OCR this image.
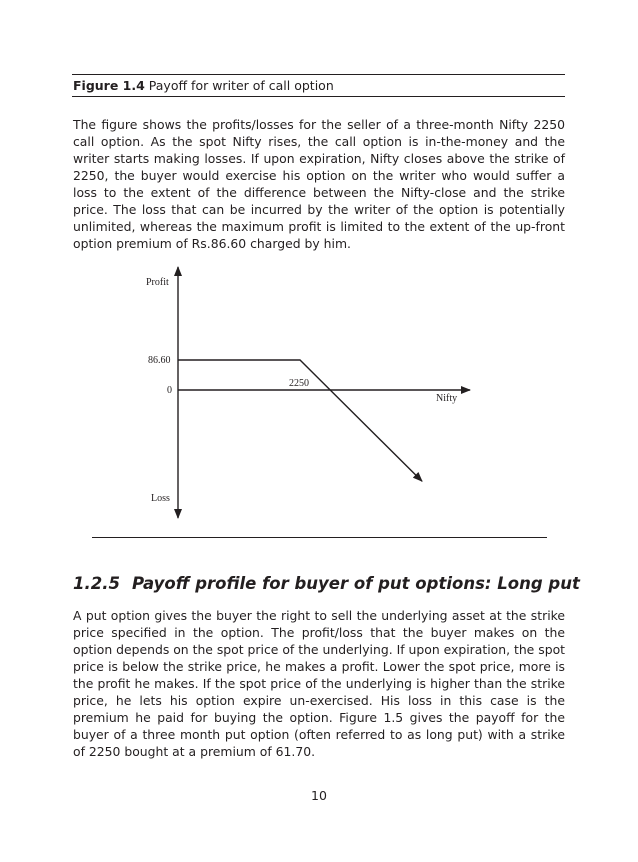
Figure 1.4 Payoff for writer of call option

The figure shows the profits/losses for the seller of a three-month Nifty 2250 call option. As the spot Nifty rises, the call option is in-the-money and the writer starts making losses. If upon expiration, Nifty closes above the strike of 2250, the buyer would exercise his option on the writer who would suffer a loss to the extent of the difference between the Nifty-close and the strike price. The loss that can be incurred by the writer of the option is potentially unlimited, whereas the maximum profit is limited to the extent of the up-front option premium of Rs.86.60 charged by him.

Profit
Loss
Nifty
86.60
0
2250
1.2.5 Payoff profile for buyer of put options: Long put

A put option gives the buyer the right to sell the underlying asset at the strike price specified in the option. The profit/loss that the buyer makes on the option depends on the spot price of the underlying. If upon expiration, the spot price is below the strike price, he makes a profit. Lower the spot price, more is the profit he makes. If the spot price of the underlying is higher than the strike price, he lets his option expire un-exercised. His loss in this case is the premium he paid for buying the option. Figure 1.5 gives the payoff for the buyer of a three month put option (often referred to as long put) with a strike of 2250 bought at a premium of 61.70.

10
